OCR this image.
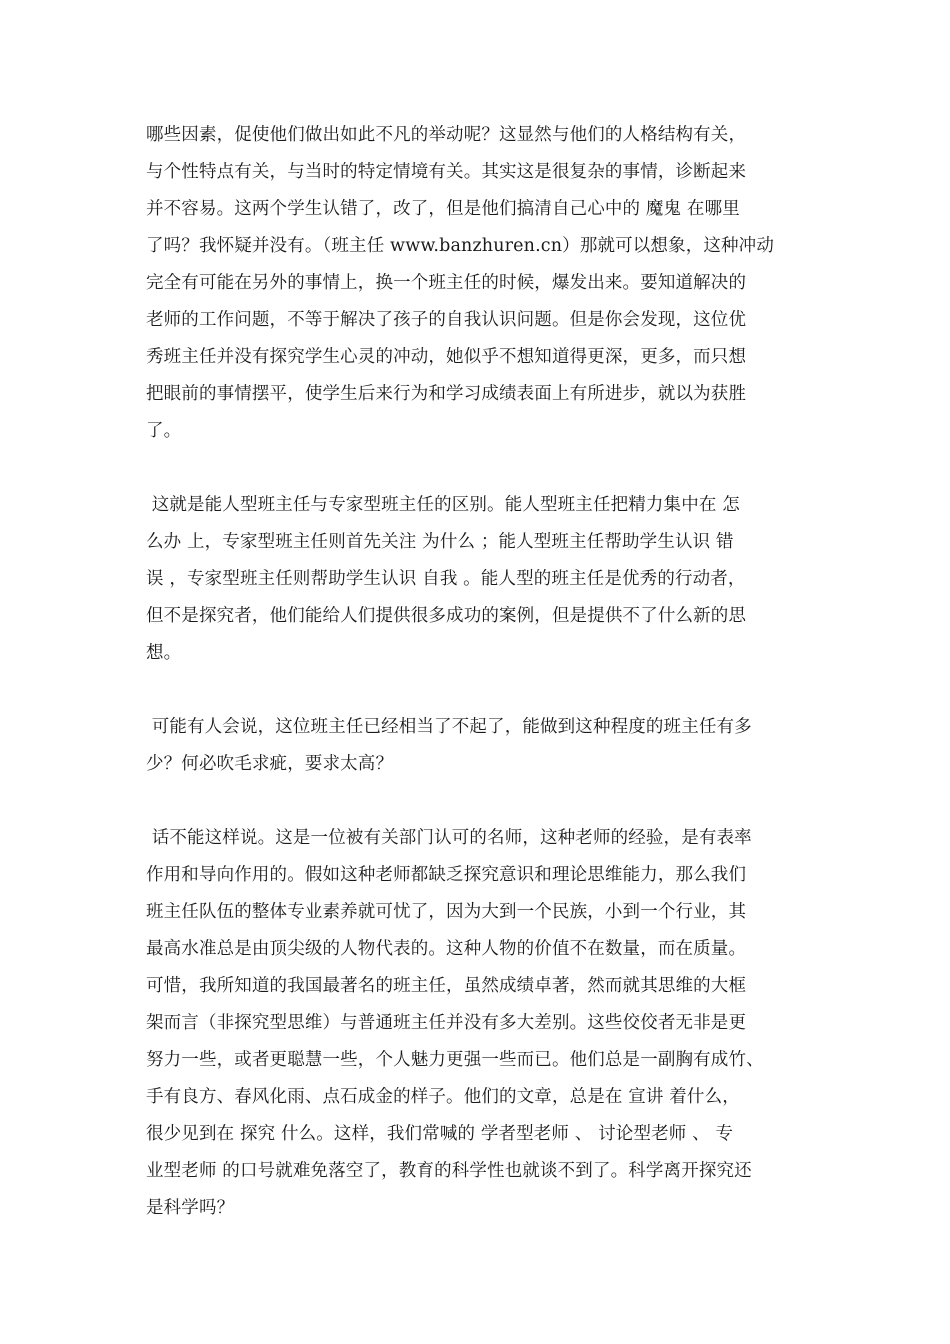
哪些因素，促使他们做出如此不凡的举动呢？这显然与他们的人格结构有关，
与个性特点有关，与当时的特定情境有关。其实这是很复杂的事情，诊断起来
并不容易。这两个学生认错了，改了，但是他们搞清自己心中的 魔鬼 在哪里
了吗？我怀疑并没有。（班主任 www.banzhuren.cn）那就可以想象，这种冲动
完全有可能在另外的事情上，换一个班主任的时候，爆发出来。要知道解决的
老师的工作问题，不等于解决了孩子的自我认识问题。但是你会发现，这位优
秀班主任并没有探究学生心灵的冲动，她似乎不想知道得更深，更多，而只想
把眼前的事情摆平，使学生后来行为和学习成绩表面上有所进步，就以为获胜
了。
这就是能人型班主任与专家型班主任的区别。能人型班主任把精力集中在 怎
么办 上，专家型班主任则首先关注 为什么 ；能人型班主任帮助学生认识 错
误 ，专家型班主任则帮助学生认识 自我 。能人型的班主任是优秀的行动者，
但不是探究者，他们能给人们提供很多成功的案例，但是提供不了什么新的思
想。
可能有人会说，这位班主任已经相当了不起了，能做到这种程度的班主任有多
少？何必吹毛求疵，要求太高？
话不能这样说。这是一位被有关部门认可的名师，这种老师的经验，是有表率
作用和导向作用的。假如这种老师都缺乏探究意识和理论思维能力，那么我们
班主任队伍的整体专业素养就可忧了，因为大到一个民族，小到一个行业，其
最高水准总是由顶尖级的人物代表的。这种人物的价值不在数量，而在质量。
可惜，我所知道的我国最著名的班主任，虽然成绩卓著，然而就其思维的大框
架而言（非探究型思维）与普通班主任并没有多大差别。这些佼佼者无非是更
努力一些，或者更聪慧一些，个人魅力更强一些而已。他们总是一副胸有成竹、
手有良方、春风化雨、点石成金的样子。他们的文章，总是在 宣讲 着什么，
很少见到在 探究 什么。这样，我们常喊的 学者型老师 、 讨论型老师 、 专
业型老师 的口号就难免落空了，教育的科学性也就谈不到了。科学离开探究还
是科学吗？
